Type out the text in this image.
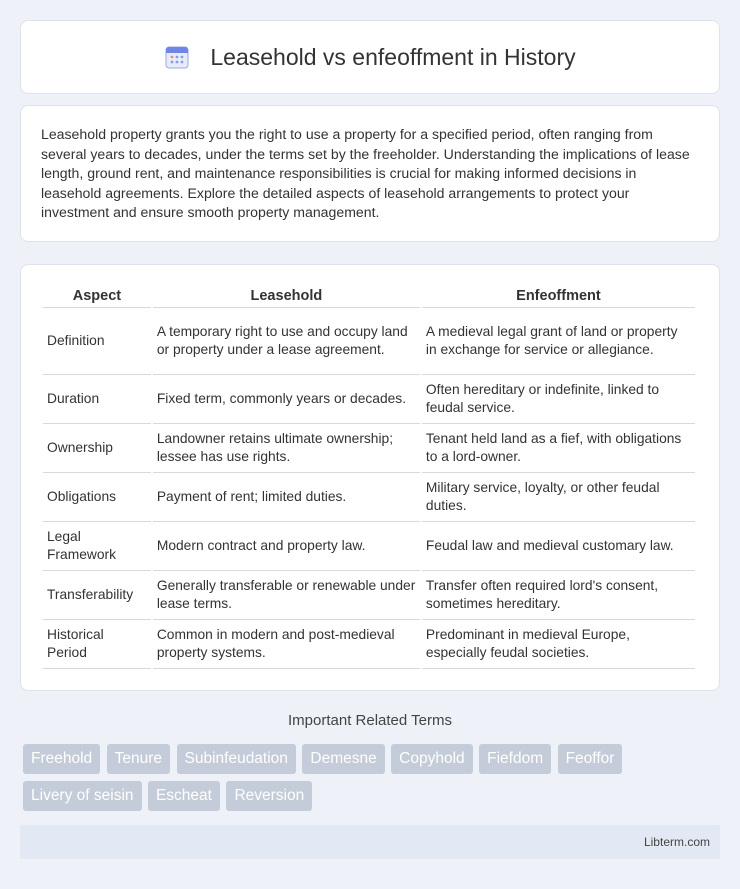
Leasehold vs enfeoffment in History

Leasehold property grants you the right to use a property for a specified period, often ranging from several years to decades, under the terms set by the freeholder. Understanding the implications of lease length, ground rent, and maintenance responsibilities is crucial for making informed decisions in leasehold agreements. Explore the detailed aspects of leasehold arrangements to protect your investment and ensure smooth property management.

Aspect	Leasehold	Enfeoffment
Definition	A temporary right to use and occupy land or property under a lease agreement.	A medieval legal grant of land or property in exchange for service or allegiance.
Duration	Fixed term, commonly years or decades.	Often hereditary or indefinite, linked to feudal service.
Ownership	Landowner retains ultimate ownership; lessee has use rights.	Tenant held land as a fief, with obligations to a lord-owner.
Obligations	Payment of rent; limited duties.	Military service, loyalty, or other feudal duties.
Legal Framework	Modern contract and property law.	Feudal law and medieval customary law.
Transferability	Generally transferable or renewable under lease terms.	Transfer often required lord's consent, sometimes hereditary.
Historical Period	Common in modern and post-medieval property systems.	Predominant in medieval Europe, especially feudal societies.
Important Related Terms
Freehold Tenure Subinfeudation Demesne Copyhold Fiefdom Feoffor Livery of seisin Escheat Reversion
Libterm.com
